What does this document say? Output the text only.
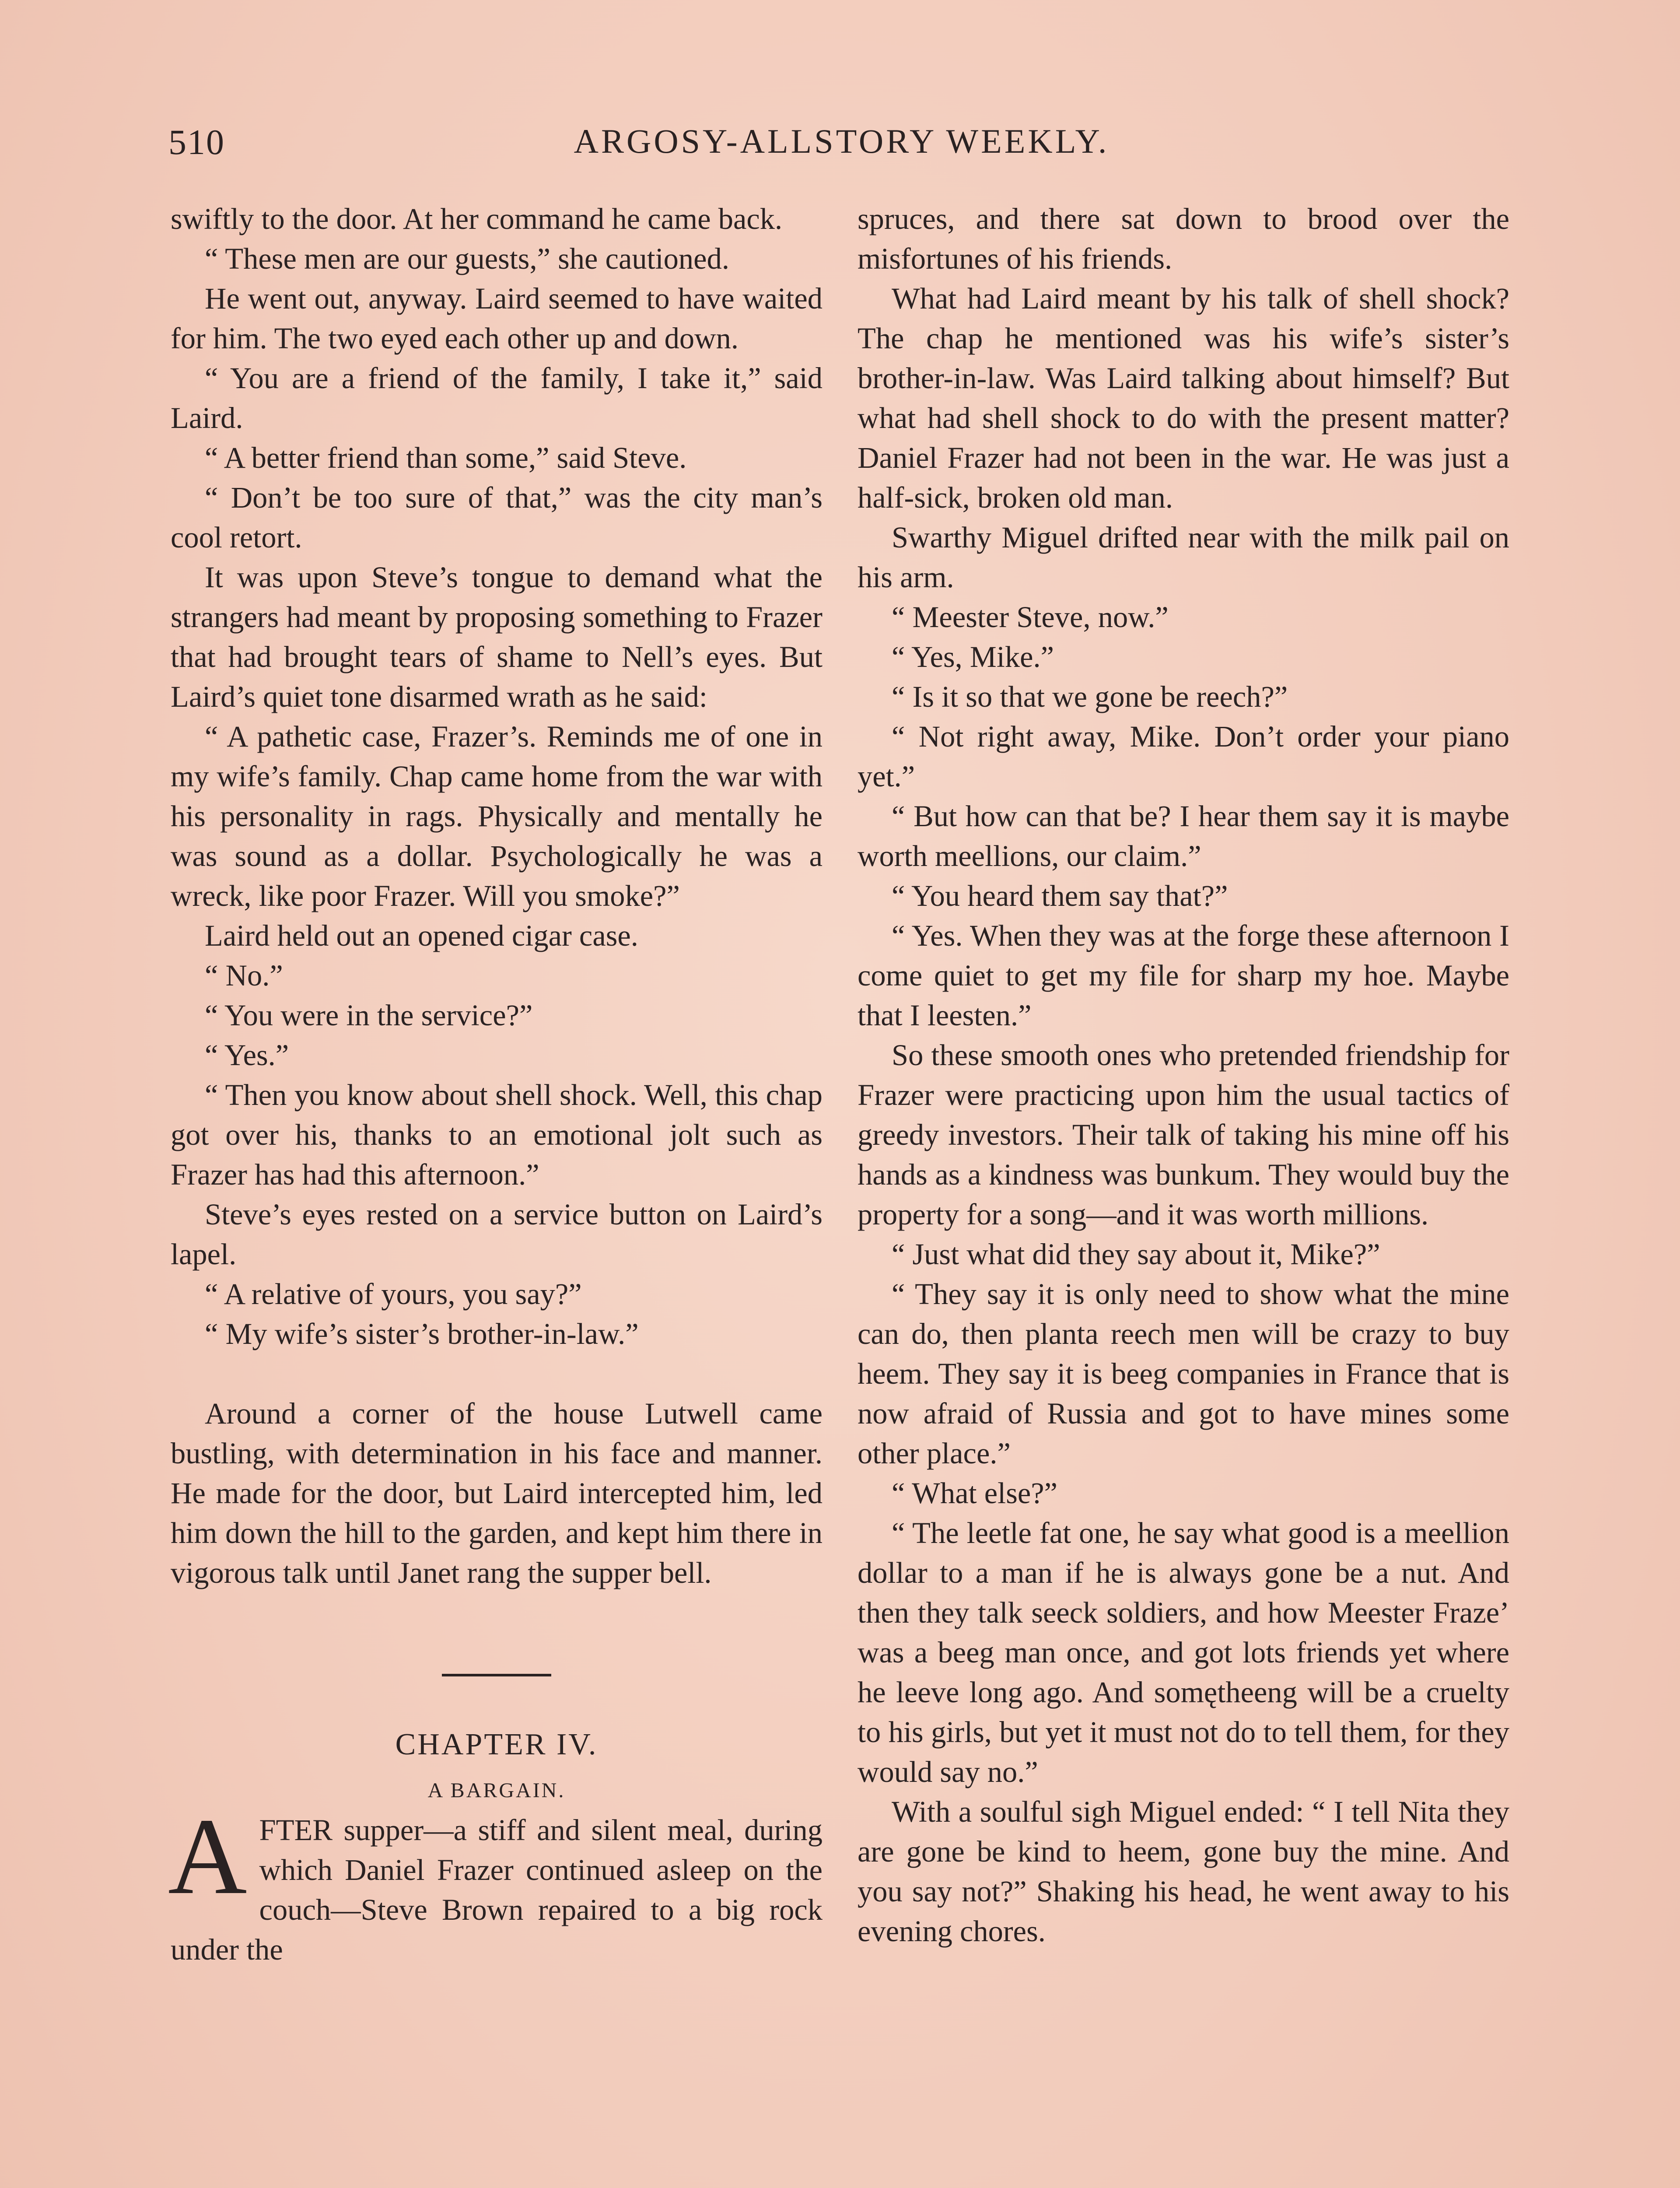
510	ARGOSY-ALLSTORY WEEKLY.

swiftly to the door. At her command he came back.

“ These men are our guests,” she cautioned.

He went out, anyway. Laird seemed to have waited for him. The two eyed each other up and down.

“ You are a friend of the family, I take it,” said Laird.

“ A better friend than some,” said Steve.

“ Don’t be too sure of that,” was the city man’s cool retort.

It was upon Steve’s tongue to demand what the strangers had meant by proposing something to Frazer that had brought tears of shame to Nell’s eyes. But Laird’s quiet tone disarmed wrath as he said:

“ A pathetic case, Frazer’s. Reminds me of one in my wife’s family. Chap came home from the war with his personality in rags. Physically and mentally he was sound as a dollar. Psychologically he was a wreck, like poor Frazer. Will you smoke?”

Laird held out an opened cigar case.

“ No.”

“ You were in the service?”

“ Yes.”

“ Then you know about shell shock. Well, this chap got over his, thanks to an emotional jolt such as Frazer has had this afternoon.”

Steve’s eyes rested on a service button on Laird’s lapel.

“ A relative of yours, you say?”

“ My wife’s sister’s brother-in-law.”

Around a corner of the house Lutwell came bustling, with determination in his face and manner. He made for the door, but Laird intercepted him, led him down the hill to the garden, and kept him there in vigorous talk until Janet rang the supper bell.

CHAPTER IV.
A BARGAIN.

AFTER supper—a stiff and silent meal, during which Daniel Frazer continued asleep on the couch—Steve Brown repaired to a big rock under the

spruces, and there sat down to brood over the misfortunes of his friends.

What had Laird meant by his talk of shell shock? The chap he mentioned was his wife’s sister’s brother-in-law. Was Laird talking about himself? But what had shell shock to do with the present matter? Daniel Frazer had not been in the war. He was just a half-sick, broken old man.

Swarthy Miguel drifted near with the milk pail on his arm.

“ Meester Steve, now.”

“ Yes, Mike.”

“ Is it so that we gone be reech?”

“ Not right away, Mike. Don’t order your piano yet.”

“ But how can that be? I hear them say it is maybe worth meellions, our claim.”

“ You heard them say that?”

“ Yes. When they was at the forge these afternoon I come quiet to get my file for sharp my hoe. Maybe that I leesten.”

So these smooth ones who pretended friendship for Frazer were practicing upon him the usual tactics of greedy investors. Their talk of taking his mine off his hands as a kindness was bunkum. They would buy the property for a song—and it was worth millions.

“ Just what did they say about it, Mike?”

“ They say it is only need to show what the mine can do, then planta reech men will be crazy to buy heem. They say it is beeg companies in France that is now afraid of Russia and got to have mines some other place.”

“ What else?”

“ The leetle fat one, he say what good is a meellion dollar to a man if he is always gone be a nut. And then they talk seeck soldiers, and how Meester Fraze’ was a beeg man once, and got lots friends yet where he leeve long ago. And somętheeng will be a cruelty to his girls, but yet it must not do to tell them, for they would say no.”

With a soulful sigh Miguel ended: “ I tell Nita they are gone be kind to heem, gone buy the mine. And you say not?” Shaking his head, he went away to his evening chores.
